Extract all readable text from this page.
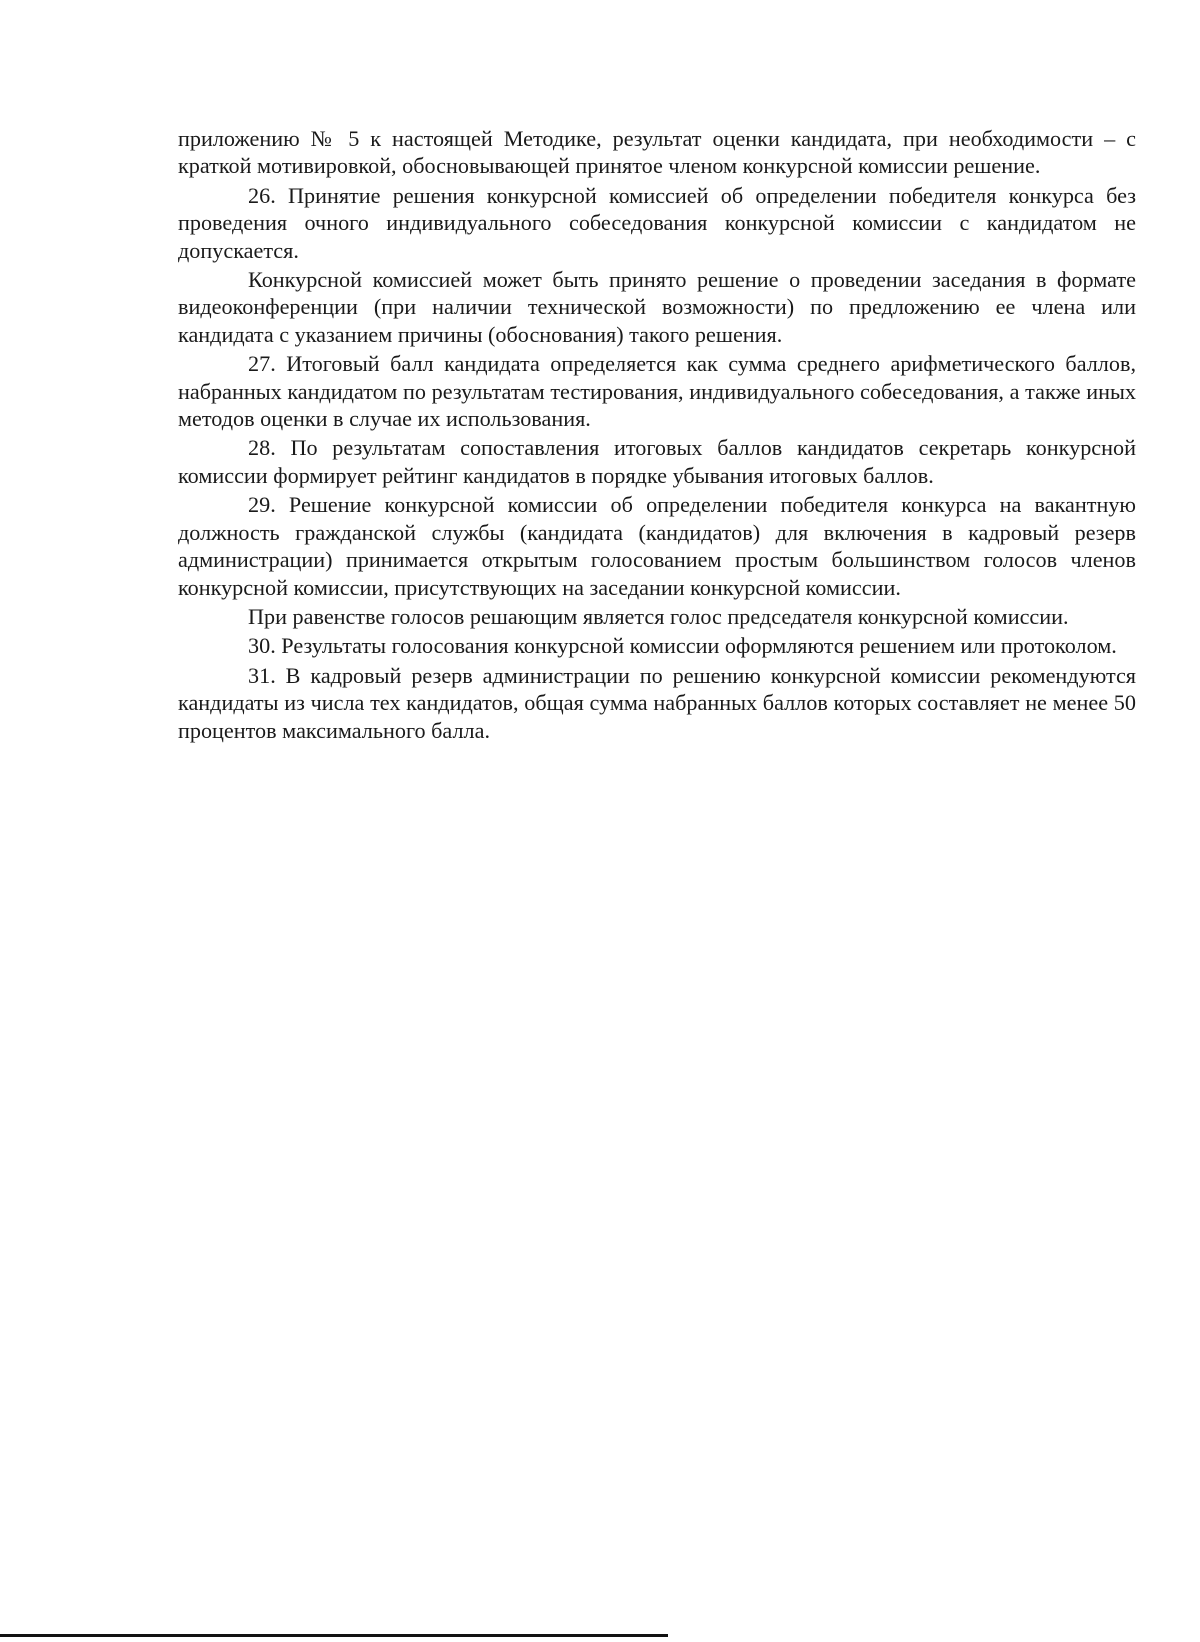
приложению № 5 к настоящей Методике, результат оценки кандидата, при необходимости – с краткой мотивировкой, обосновывающей принятое членом конкурсной комиссии решение.

26. Принятие решения конкурсной комиссией об определении победителя конкурса без проведения очного индивидуального собеседования конкурсной комиссии с кандидатом не допускается.

Конкурсной комиссией может быть принято решение о проведении заседания в формате видеоконференции (при наличии технической возможности) по предложению ее члена или кандидата с указанием причины (обоснования) такого решения.

27. Итоговый балл кандидата определяется как сумма среднего арифметического баллов, набранных кандидатом по результатам тестирования, индивидуального собеседования, а также иных методов оценки в случае их использования.

28. По результатам сопоставления итоговых баллов кандидатов секретарь конкурсной комиссии формирует рейтинг кандидатов в порядке убывания итоговых баллов.

29. Решение конкурсной комиссии об определении победителя конкурса на вакантную должность гражданской службы (кандидата (кандидатов) для включения в кадровый резерв администрации) принимается открытым голосованием простым большинством голосов членов конкурсной комиссии, присутствующих на заседании конкурсной комиссии.

При равенстве голосов решающим является голос председателя конкурсной комиссии.

30. Результаты голосования конкурсной комиссии оформляются решением или протоколом.

31. В кадровый резерв администрации по решению конкурсной комиссии рекомендуются кандидаты из числа тех кандидатов, общая сумма набранных баллов которых составляет не менее 50 процентов максимального балла.
